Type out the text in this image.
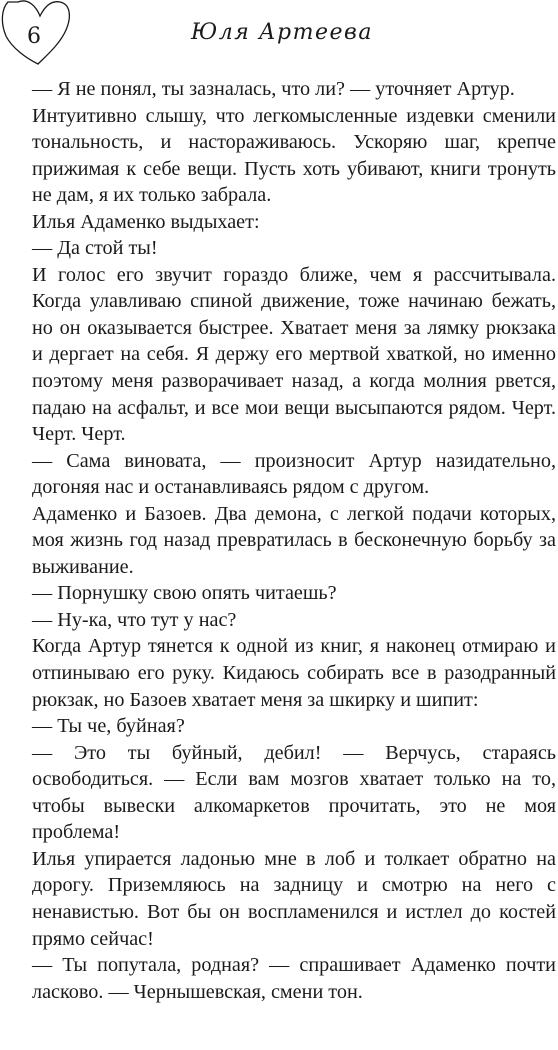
6	Юля Артеева

— Я не понял, ты зазналась, что ли? — уточняет Артур.

Интуитивно слышу, что легкомысленные издевки сменили тональность, и настораживаюсь. Ускоряю шаг, крепче прижимая к себе вещи. Пусть хоть убивают, книги тронуть не дам, я их только забрала.

Илья Адаменко выдыхает:

— Да стой ты!

И голос его звучит гораздо ближе, чем я рассчитывала. Когда улавливаю спиной движение, тоже начинаю бежать, но он оказывается быстрее. Хватает меня за лямку рюкзака и дергает на себя. Я держу его мертвой хваткой, но именно поэтому меня разворачивает назад, а когда молния рвется, падаю на асфальт, и все мои вещи высыпаются рядом. Черт. Черт. Черт.

— Сама виновата, — произносит Артур назидательно, догоняя нас и останавливаясь рядом с другом.

Адаменко и Базоев. Два демона, с легкой подачи которых, моя жизнь год назад превратилась в бесконечную борьбу за выживание.

— Порнушку свою опять читаешь?

— Ну-ка, что тут у нас?

Когда Артур тянется к одной из книг, я наконец отмираю и отпинываю его руку. Кидаюсь собирать все в разодранный рюкзак, но Базоев хватает меня за шкирку и шипит:

— Ты че, буйная?

— Это ты буйный, дебил! — Верчусь, стараясь освободиться. — Если вам мозгов хватает только на то, чтобы вывески алкомаркетов прочитать, это не моя проблема!

Илья упирается ладонью мне в лоб и толкает обратно на дорогу. Приземляюсь на задницу и смотрю на него с ненавистью. Вот бы он воспламенился и истлел до костей прямо сейчас!

— Ты попутала, родная? — спрашивает Адаменко почти ласково. — Чернышевская, смени тон.
